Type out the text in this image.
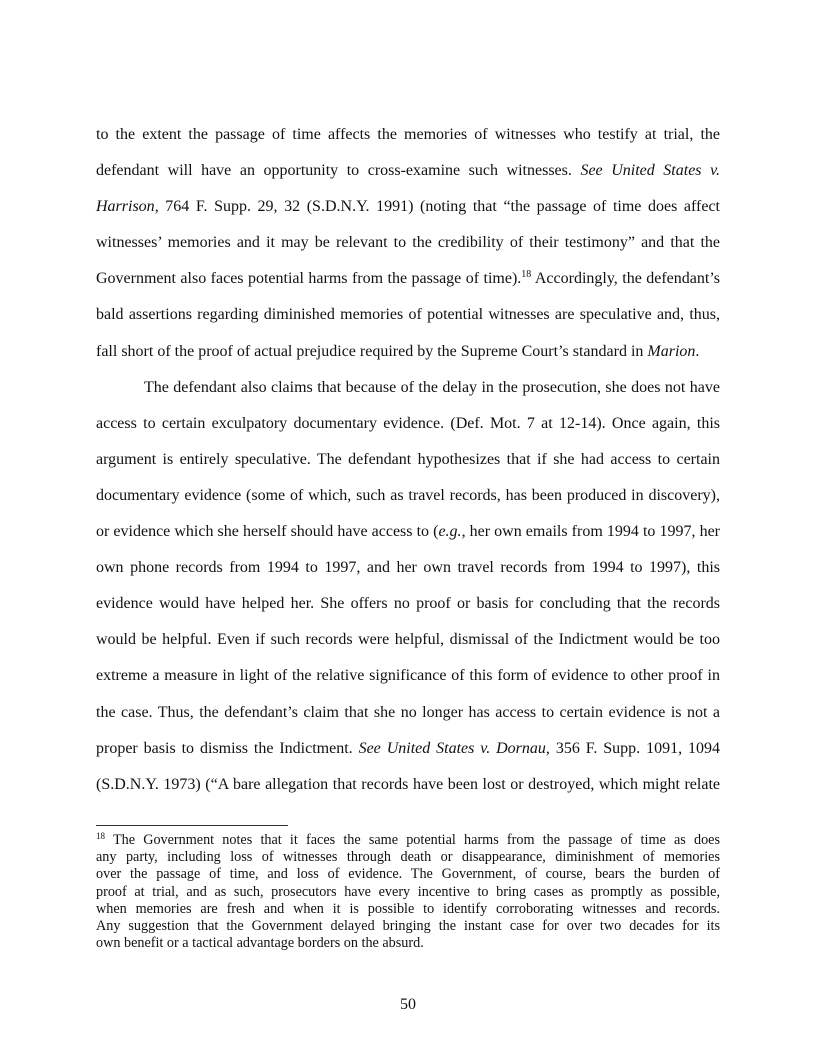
to the extent the passage of time affects the memories of witnesses who testify at trial, the
defendant will have an opportunity to cross-examine such witnesses. See United States v.
Harrison, 764 F. Supp. 29, 32 (S.D.N.Y. 1991) (noting that “the passage of time does affect
witnesses’ memories and it may be relevant to the credibility of their testimony” and that the
Government also faces potential harms from the passage of time).$^{18}$ Accordingly, the defendant’s
bald assertions regarding diminished memories of potential witnesses are speculative and, thus,
fall short of the proof of actual prejudice required by the Supreme Court’s standard in Marion.
The defendant also claims that because of the delay in the prosecution, she does not have
access to certain exculpatory documentary evidence. (Def. Mot. 7 at 12-14). Once again, this
argument is entirely speculative. The defendant hypothesizes that if she had access to certain
documentary evidence (some of which, such as travel records, has been produced in discovery),
or evidence which she herself should have access to (e.g., her own emails from 1994 to 1997, her
own phone records from 1994 to 1997, and her own travel records from 1994 to 1997), this
evidence would have helped her. She offers no proof or basis for concluding that the records
would be helpful. Even if such records were helpful, dismissal of the Indictment would be too
extreme a measure in light of the relative significance of this form of evidence to other proof in
the case. Thus, the defendant’s claim that she no longer has access to certain evidence is not a
proper basis to dismiss the Indictment. See United States v. Dornau, 356 F. Supp. 1091, 1094
(S.D.N.Y. 1973) (“A bare allegation that records have been lost or destroyed, which might relate
$^{18}$ The Government notes that it faces the same potential harms from the passage of time as does
any party, including loss of witnesses through death or disappearance, diminishment of memories
over the passage of time, and loss of evidence. The Government, of course, bears the burden of
proof at trial, and as such, prosecutors have every incentive to bring cases as promptly as possible,
when memories are fresh and when it is possible to identify corroborating witnesses and records.
Any suggestion that the Government delayed bringing the instant case for over two decades for its
own benefit or a tactical advantage borders on the absurd.
50
